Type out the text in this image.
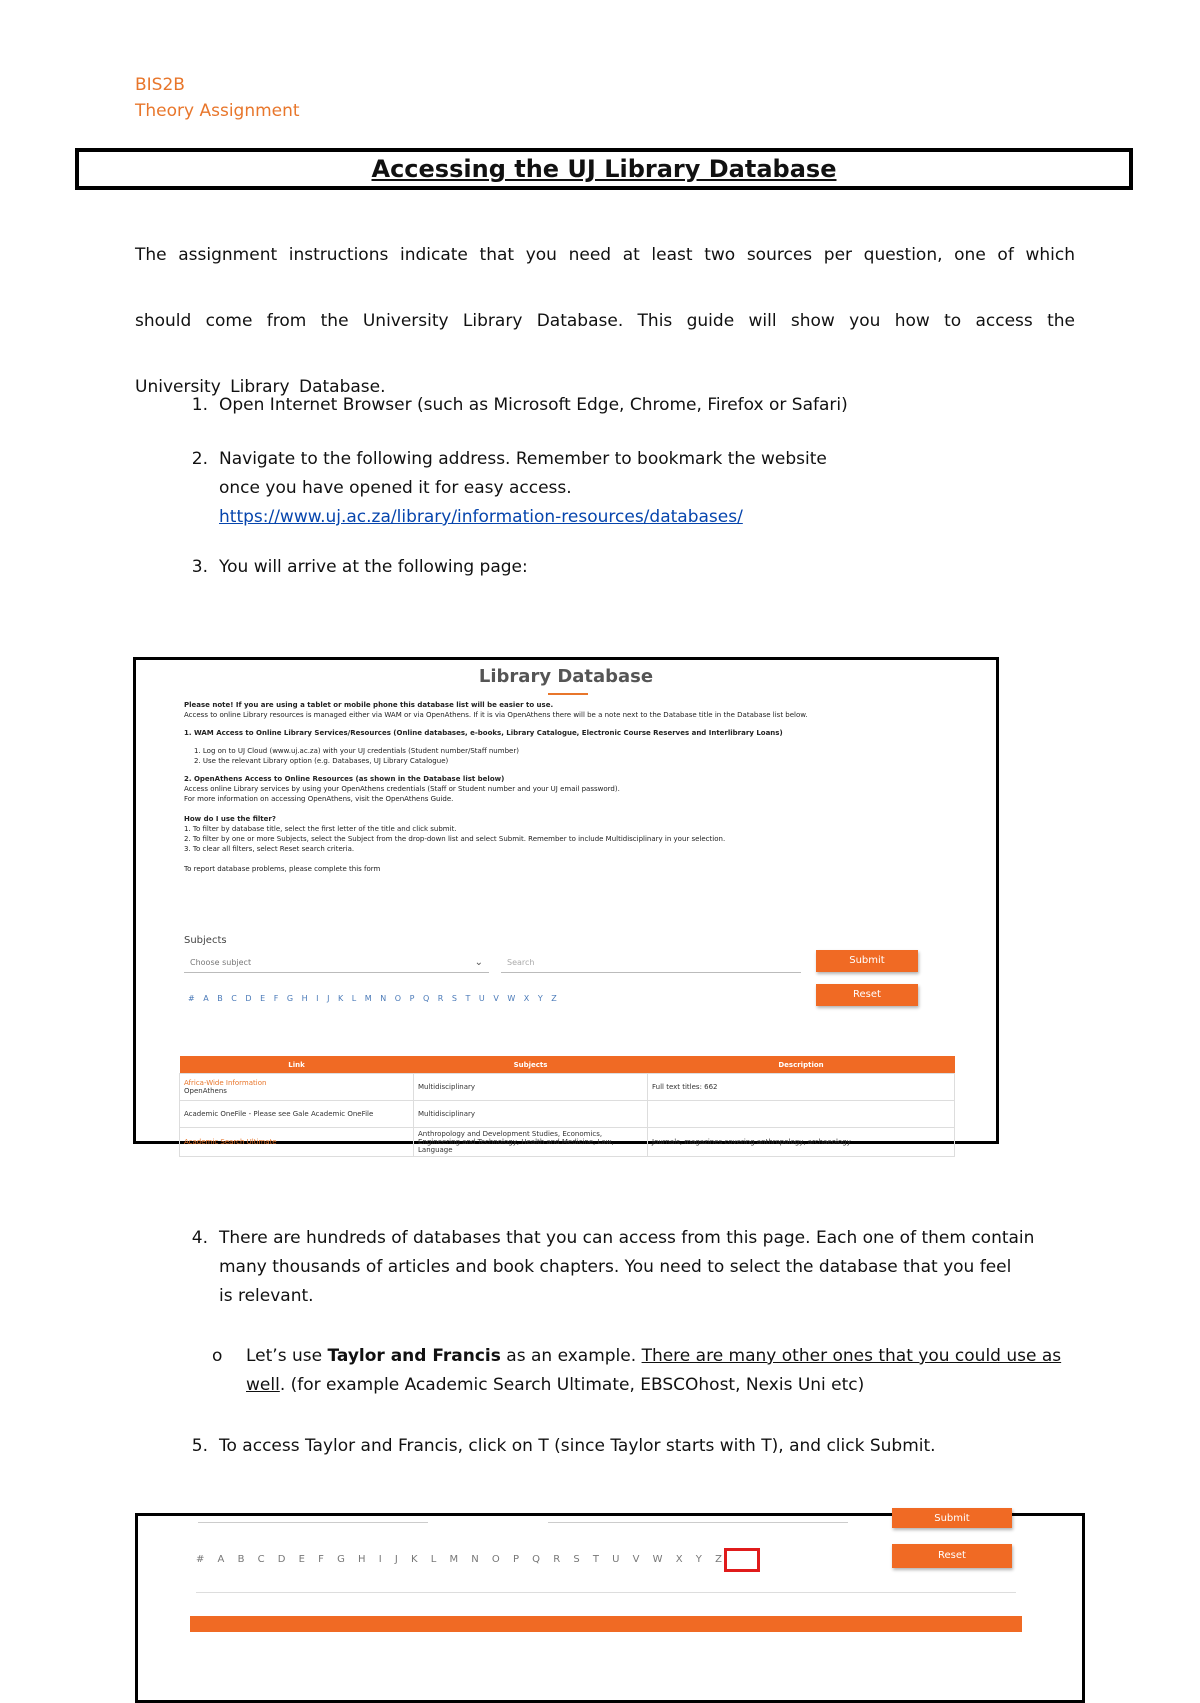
BIS2B
Theory Assignment
Accessing the UJ Library Database
The assignment instructions indicate that you need at least two sources per question, one of which should come from the University Library Database. This guide will show you how to access the University Library Database.
1. Open Internet Browser (such as Microsoft Edge, Chrome, Firefox or Safari)
2. Navigate to the following address. Remember to bookmark the website
once you have opened it for easy access.
https://www.uj.ac.za/library/information-resources/databases/
3. You will arrive at the following page:
Library Database
Please note! If you are using a tablet or mobile phone this database list will be easier to use.
Access to online Library resources is managed either via WAM or via OpenAthens. If it is via OpenAthens there will be a note next to the Database title in the Database list below.
1. WAM Access to Online Library Services/Resources (Online databases, e-books, Library Catalogue, Electronic Course Reserves and Interlibrary Loans)
1. Log on to UJ Cloud (www.uj.ac.za) with your UJ credentials (Student number/Staff number)
2. Use the relevant Library option (e.g. Databases, UJ Library Catalogue)
2. OpenAthens Access to Online Resources (as shown in the Database list below)
Access online Library services by using your OpenAthens credentials (Staff or Student number and your UJ email password).
For more information on accessing OpenAthens, visit the OpenAthens Guide.
How do I use the filter?
1. To filter by database title, select the first letter of the title and click submit.
2. To filter by one or more Subjects, select the Subject from the drop-down list and select Submit. Remember to include Multidisciplinary in your selection.
3. To clear all filters, select Reset search criteria.
To report database problems, please complete this form
Subjects
Choose subject	⌄	Search	Submit
Reset
# A B C D E F G H I J K L M N O P Q R S T U V W X Y Z
Link	Subjects	Description

Africa-Wide Information
OpenAthens	Multidisciplinary	Full text titles: 662
Academic OneFile - Please see Gale Academic OneFile	Multidisciplinary	
Academic Search Ultimate	Anthropology and Development Studies, Economics, Engineering and Technology, Health and Medicine, Law, Language	Journals, magazines covering anthropology, archaeology
4. There are hundreds of databases that you can access from this page. Each one of them contain
many thousands of articles and book chapters. You need to select the database that you feel
is relevant.
o Let’s use Taylor and Francis as an example. There are many other ones that you could use as well. (for example Academic Search Ultimate, EBSCOhost, Nexis Uni etc)
5. To access Taylor and Francis, click on T (since Taylor starts with T), and click Submit.
Submit
# A B C D E F G H I J K L M N O P Q R S T U V W X Y Z	Reset
